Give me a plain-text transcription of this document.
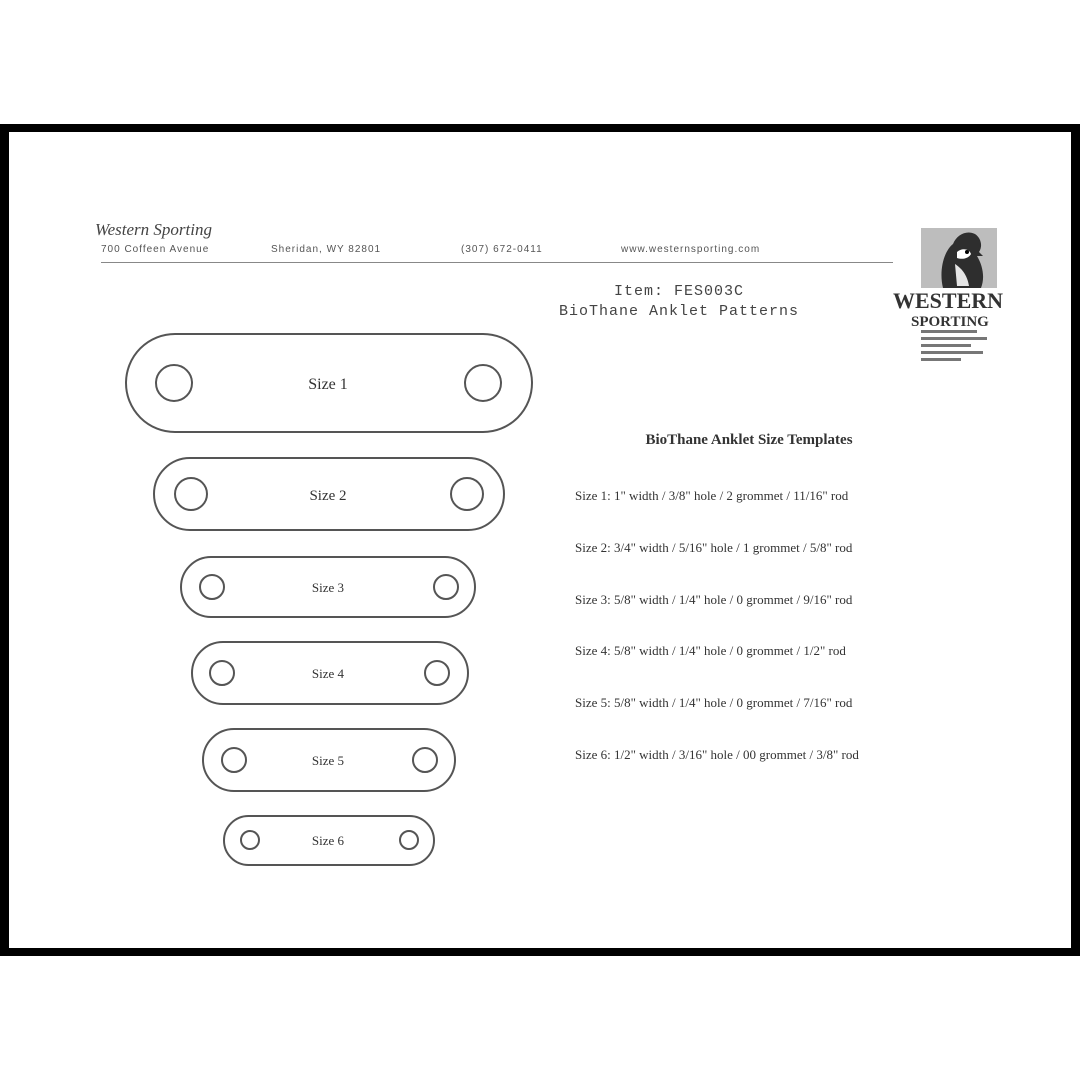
Western Sporting
700 Coffeen Avenue	Sheridan, WY 82801	(307) 672-0411	www.westernsporting.com
Item: FES003C
BioThane Anklet Patterns	WESTERN
SPORTING
Size 1
Size 2
Size 3
Size 4
Size 5
Size 6
BioThane Anklet Size Templates
Size 1: 1" width / 3/8" hole / 2 grommet / 11/16" rod
Size 2: 3/4" width / 5/16" hole / 1 grommet / 5/8" rod
Size 3: 5/8" width / 1/4" hole / 0 grommet / 9/16" rod
Size 4: 5/8" width / 1/4" hole / 0 grommet / 1/2" rod
Size 5: 5/8" width / 1/4" hole / 0 grommet / 7/16" rod
Size 6: 1/2" width / 3/16" hole / 00 grommet / 3/8" rod
